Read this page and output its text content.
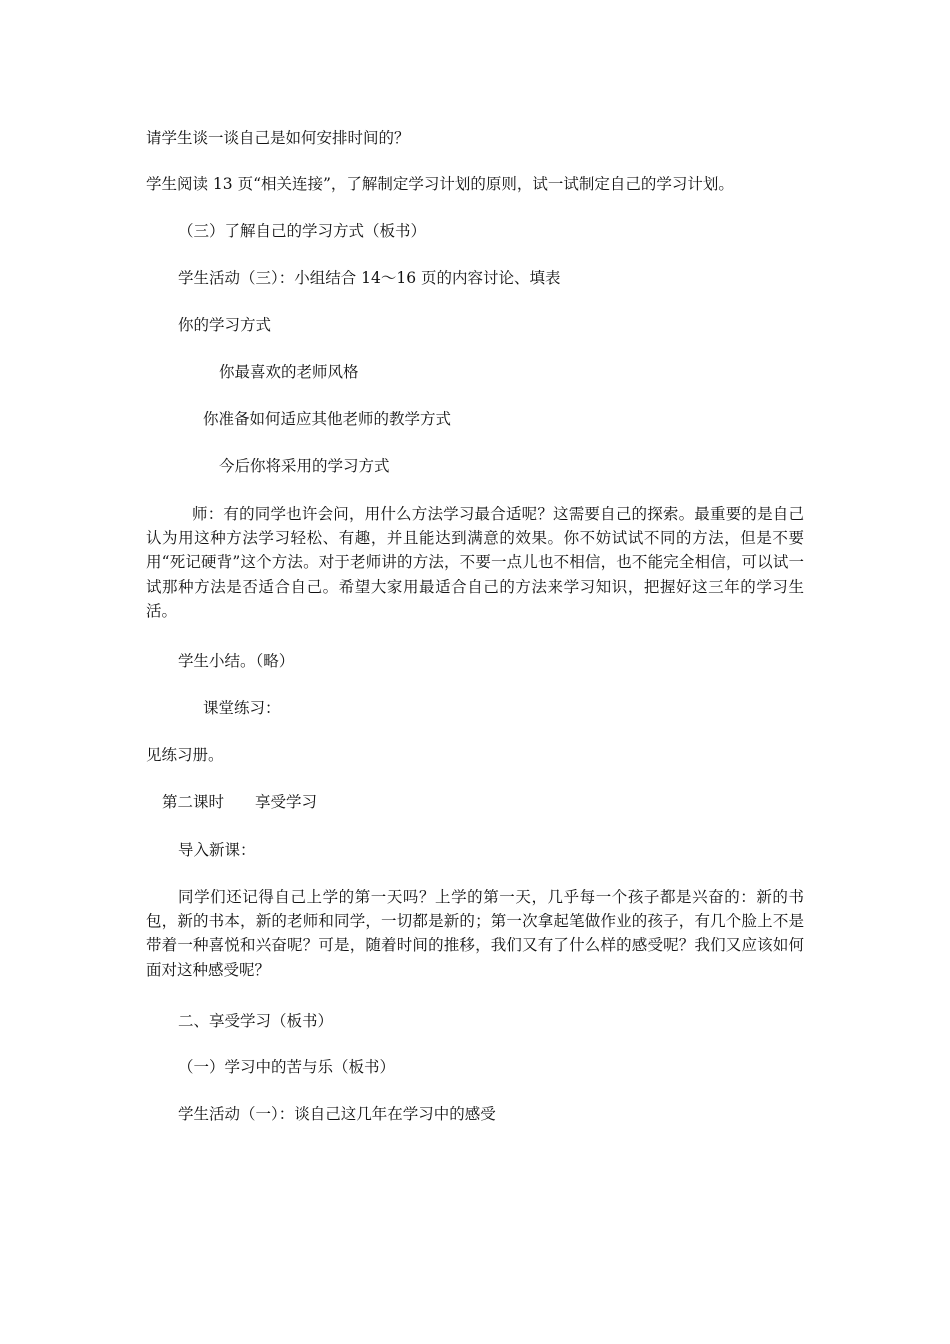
请学生谈一谈自己是如何安排时间的？

学生阅读 13 页“相关连接”，了解制定学习计划的原则，试一试制定自己的学习计划。

（三）了解自己的学习方式（板书）

学生活动（三）：小组结合 14～16 页的内容讨论、填表

你的学习方式

你最喜欢的老师风格

你准备如何适应其他老师的教学方式

今后你将采用的学习方式

师：有的同学也许会问，用什么方法学习最合适呢？这需要自己的探索。最重要的是自己认为用这种方法学习轻松、有趣，并且能达到满意的效果。你不妨试试不同的方法，但是不要用“死记硬背”这个方法。对于老师讲的方法，不要一点儿也不相信，也不能完全相信，可以试一试那种方法是否适合自己。希望大家用最适合自己的方法来学习知识，把握好这三年的学习生活。

学生小结。（略）

课堂练习：

见练习册。

第二课时　　享受学习

导入新课：

同学们还记得自己上学的第一天吗？上学的第一天，几乎每一个孩子都是兴奋的：新的书包，新的书本，新的老师和同学，一切都是新的；第一次拿起笔做作业的孩子，有几个脸上不是带着一种喜悦和兴奋呢？可是，随着时间的推移，我们又有了什么样的感受呢？我们又应该如何面对这种感受呢？

二、享受学习（板书）

（一）学习中的苦与乐（板书）

学生活动（一）：谈自己这几年在学习中的感受
